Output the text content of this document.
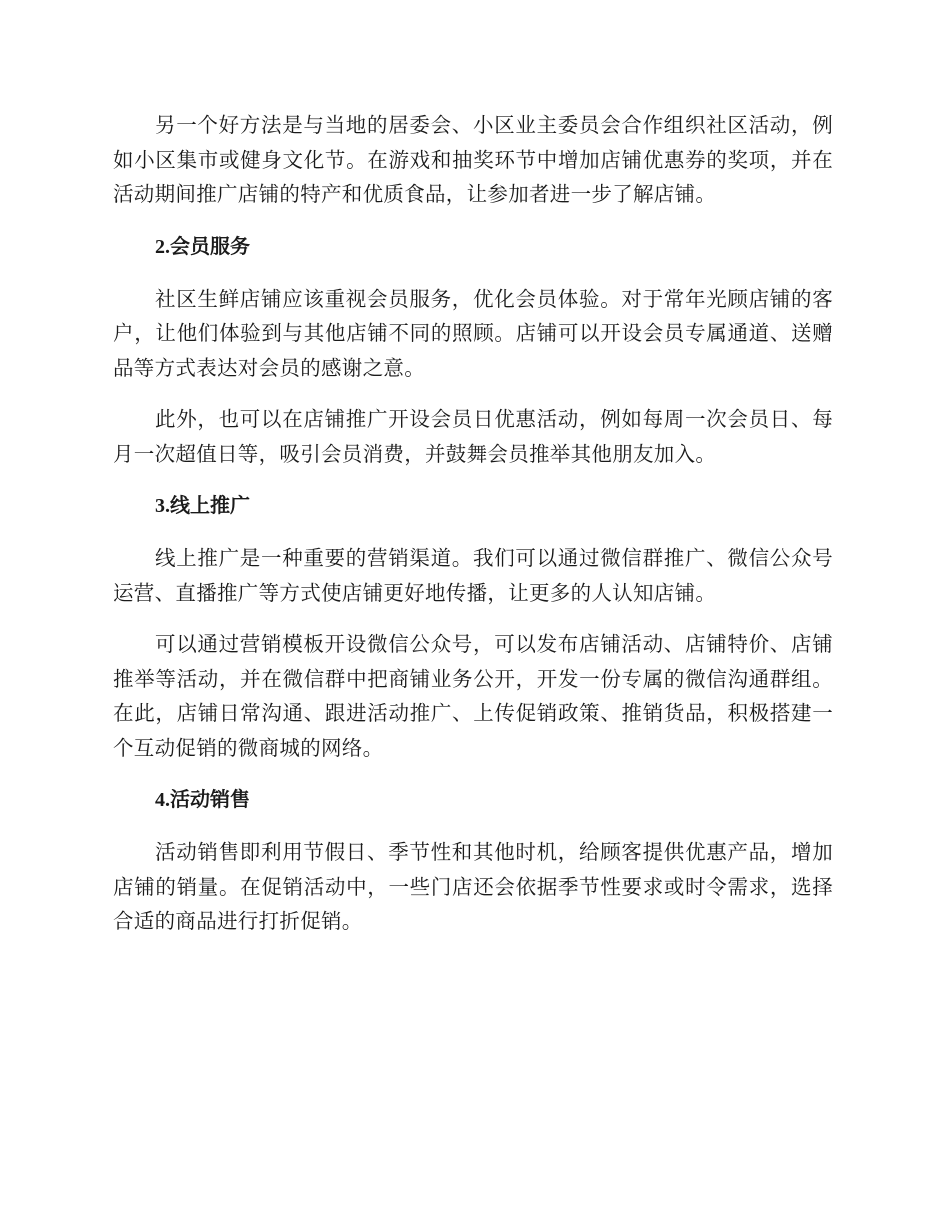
另一个好方法是与当地的居委会、小区业主委员会合作组织社区活动，例如小区集市或健身文化节。在游戏和抽奖环节中增加店铺优惠券的奖项，并在活动期间推广店铺的特产和优质食品，让参加者进一步了解店铺。

2.会员服务

社区生鲜店铺应该重视会员服务，优化会员体验。对于常年光顾店铺的客户，让他们体验到与其他店铺不同的照顾。店铺可以开设会员专属通道、送赠品等方式表达对会员的感谢之意。

此外，也可以在店铺推广开设会员日优惠活动，例如每周一次会员日、每月一次超值日等，吸引会员消费，并鼓舞会员推举其他朋友加入。

3.线上推广

线上推广是一种重要的营销渠道。我们可以通过微信群推广、微信公众号运营、直播推广等方式使店铺更好地传播，让更多的人认知店铺。

可以通过营销模板开设微信公众号，可以发布店铺活动、店铺特价、店铺推举等活动，并在微信群中把商铺业务公开，开发一份专属的微信沟通群组。在此，店铺日常沟通、跟进活动推广、上传促销政策、推销货品，积极搭建一个互动促销的微商城的网络。

4.活动销售

活动销售即利用节假日、季节性和其他时机，给顾客提供优惠产品，增加店铺的销量。在促销活动中，一些门店还会依据季节性要求或时令需求，选择合适的商品进行打折促销。
